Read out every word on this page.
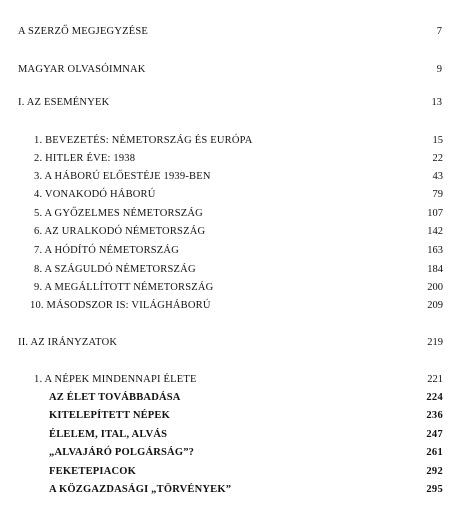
A SZERZŐ MEGJEGYZÉSE	7
MAGYAR OLVASÓIMNAK	9
I. AZ ESEMÉNYEK	13
1. BEVEZETÉS: NÉMETORSZÁG ÉS EURÓPA	15
2. HITLER ÉVE: 1938	22
3. A HÁBORÚ ELŐESTÉJE 1939-BEN	43
4. VONAKODÓ HÁBORÚ	79
5. A GYŐZELMES NÉMETORSZÁG	107
6. AZ URALKODÓ NÉMETORSZÁG	142
7. A HÓDÍTÓ NÉMETORSZÁG	163
8. A SZÁGULDÓ NÉMETORSZÁG	184
9. A MEGÁLLÍTOTT NÉMETORSZÁG	200
10. MÁSODSZOR IS: VILÁGHÁBORÚ	209
II. AZ IRÁNYZATOK	219
1. A NÉPEK MINDENNAPI ÉLETE	221
AZ ÉLET TOVÁBBADÁSA	224
KITELEPÍTETT NÉPEK	236
ÉLELEM, ITAL, ALVÁS	247
„ALVAJÁRÓ POLGÁRSÁG”?	261
FEKETEPIACOK	292
A KÖZGAZDASÁGI „TÖRVÉNYEK”	295
